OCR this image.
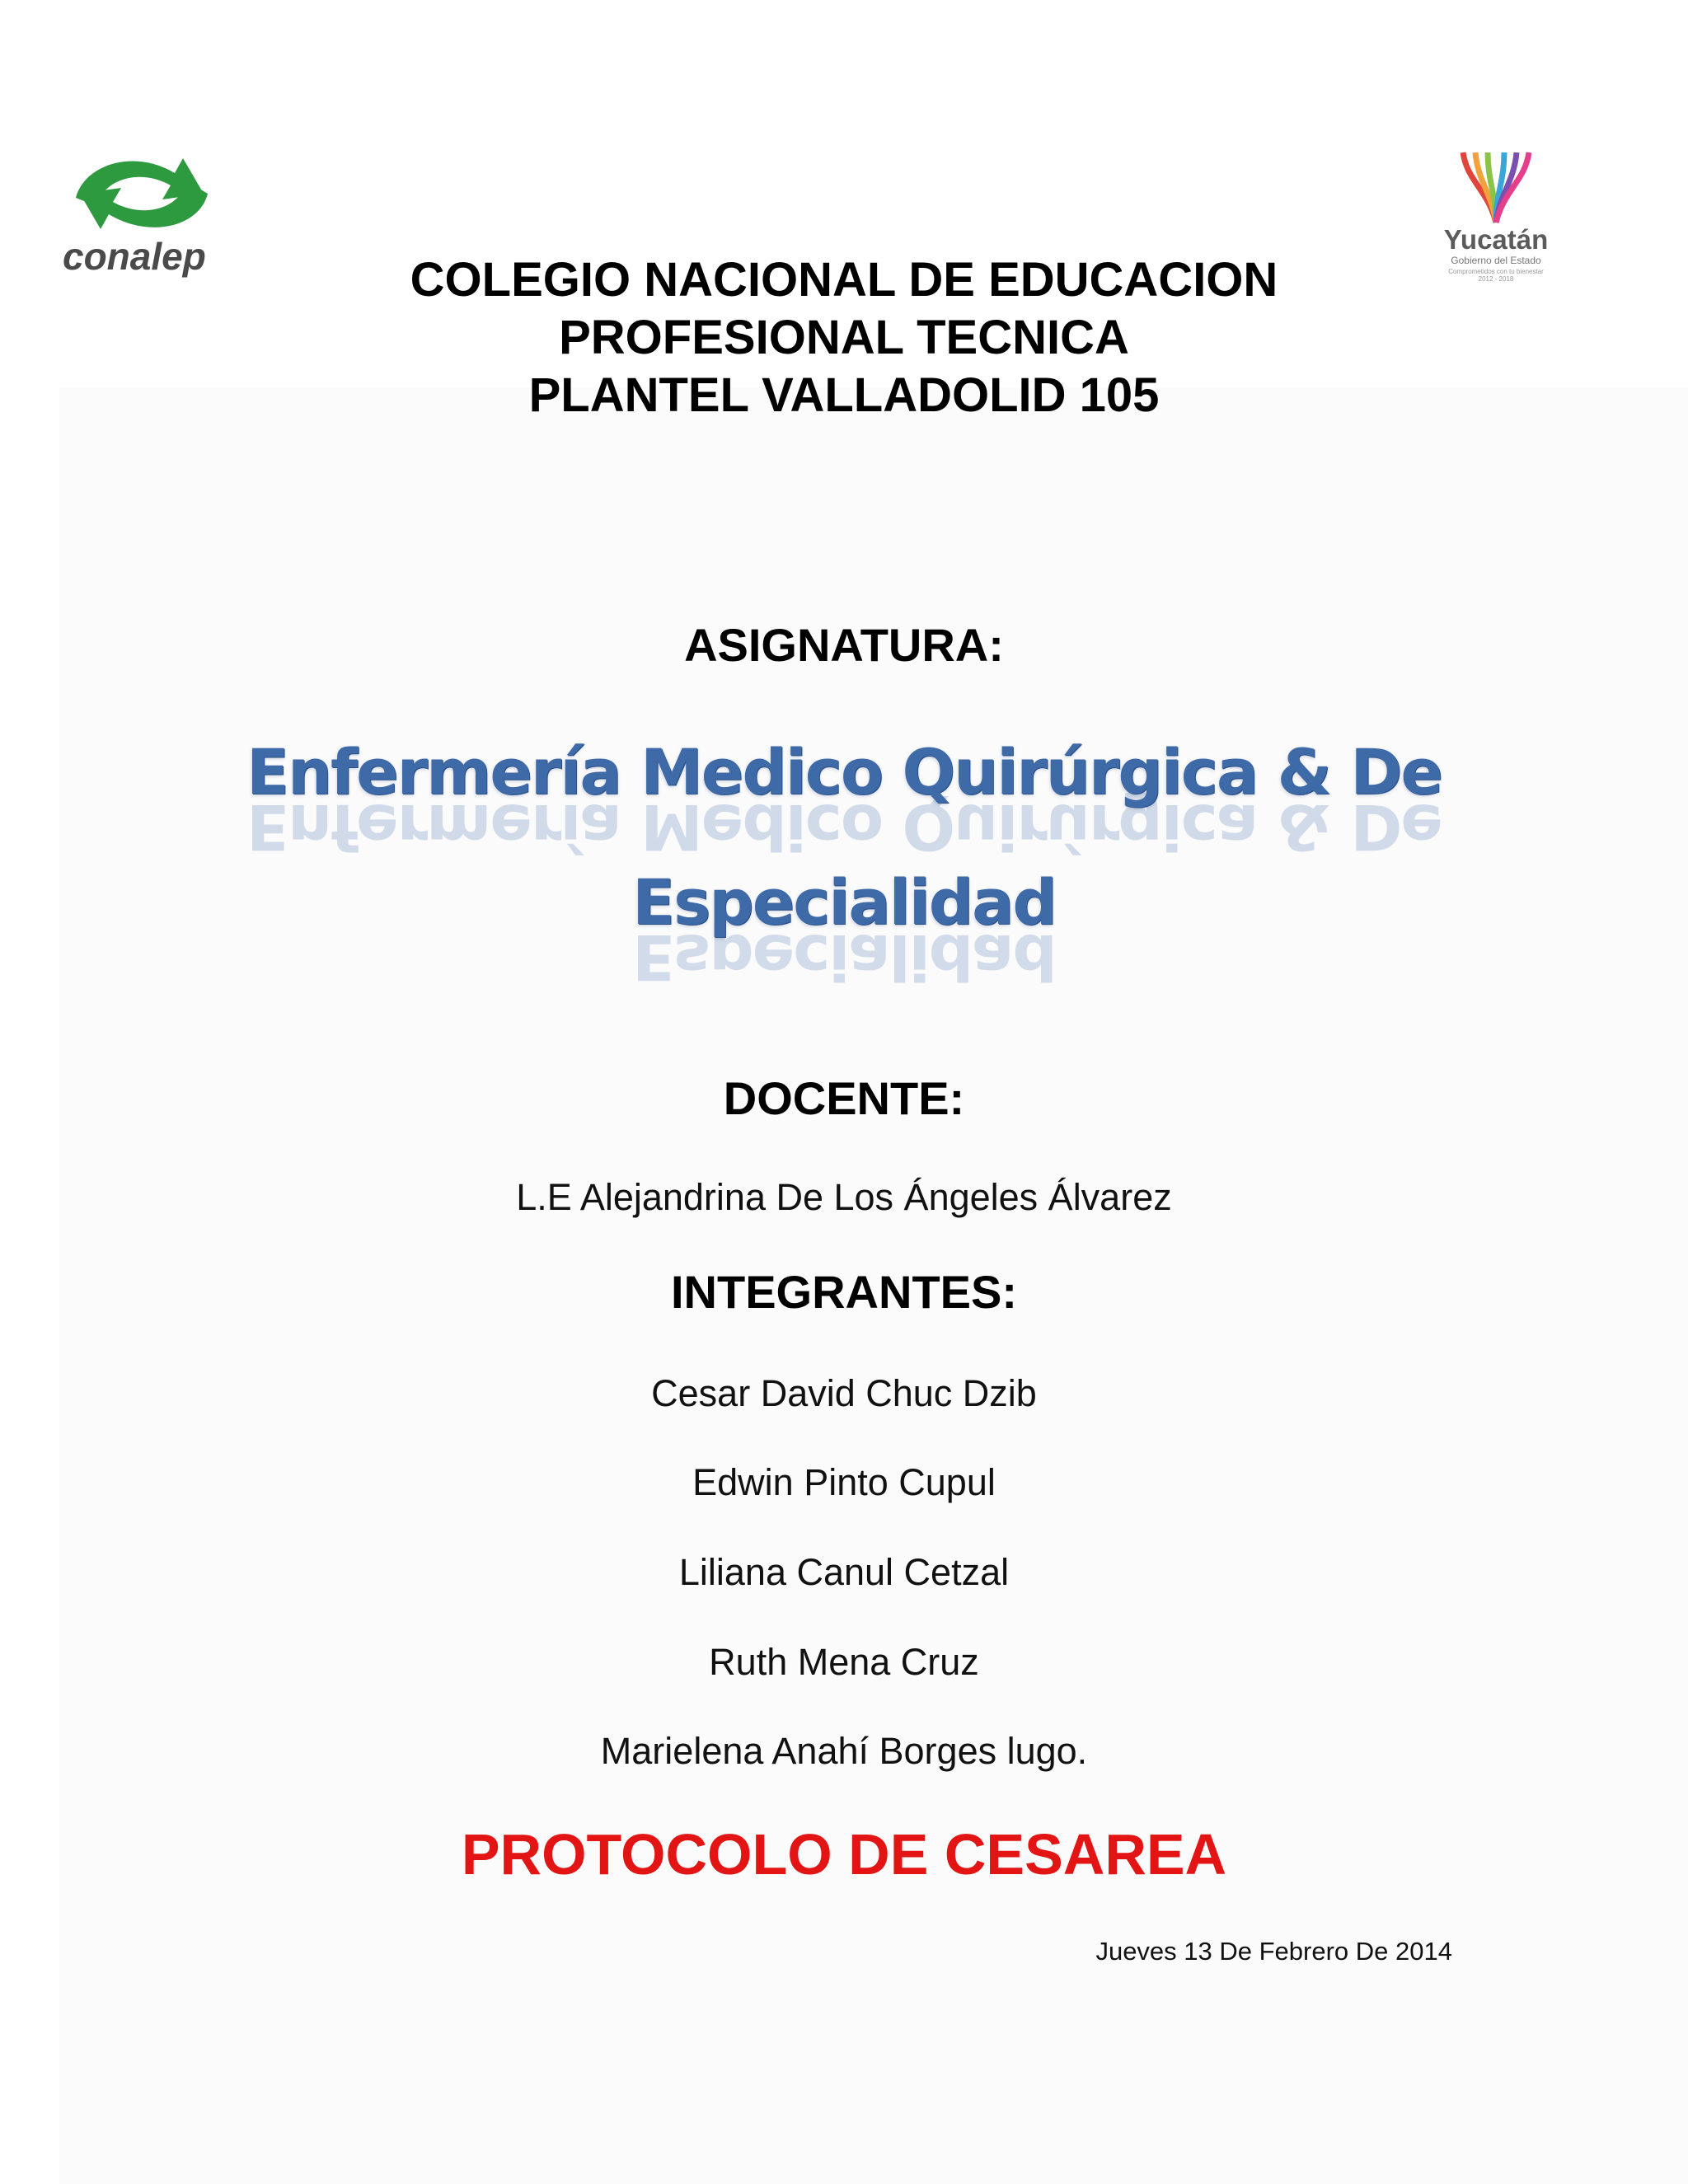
conalep	Yucatán
Gobierno del Estado
Comprometidos con tu bienestar
2012 - 2018
COLEGIO NACIONAL DE EDUCACION
PROFESIONAL TECNICA
PLANTEL VALLADOLID 105
ASIGNATURA:
Enfermería Medico Quirúrgica & De
Enfermería Medico Quirúrgica & De
Especialidad
Especialidad
DOCENTE:
L.E Alejandrina De Los Ángeles Álvarez
INTEGRANTES:
Cesar David Chuc Dzib
Edwin Pinto Cupul
Liliana Canul Cetzal
Ruth Mena Cruz
Marielena Anahí Borges lugo.
PROTOCOLO DE CESAREA
Jueves 13 De Febrero De 2014
